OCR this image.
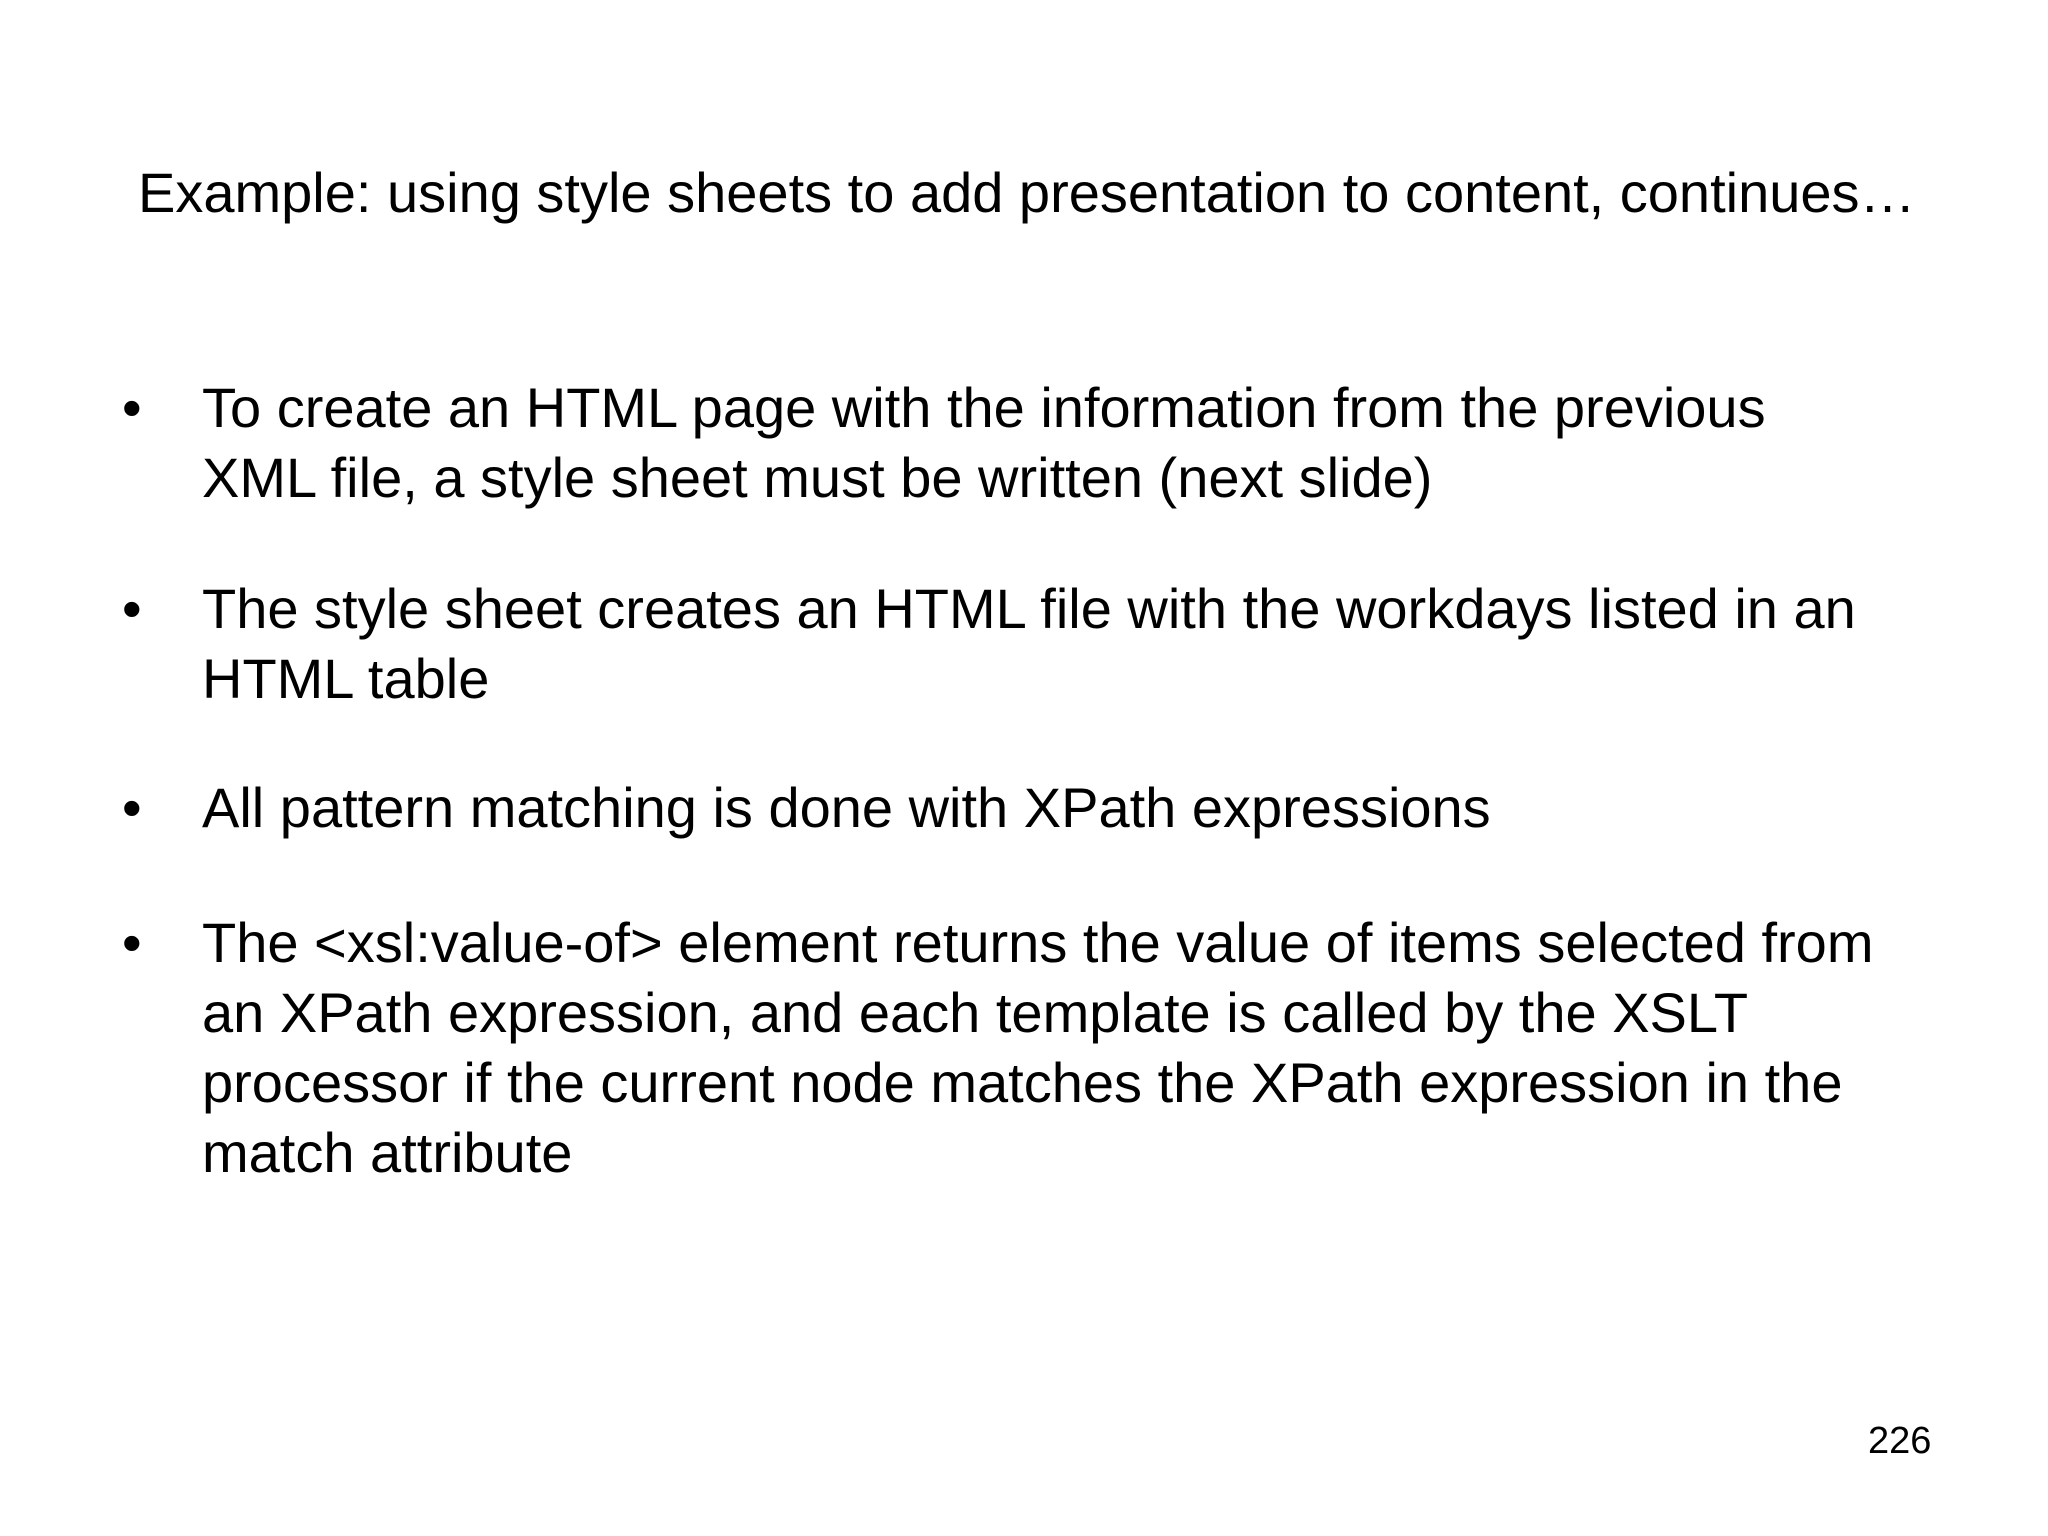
Example: using style sheets to add presentation to content, continues…
• To create an HTML page with the information from the previous
XML file, a style sheet must be written (next slide)

• The style sheet creates an HTML file with the workdays listed in an
HTML table

• All pattern matching is done with XPath expressions

• The <xsl:value-of> element returns the value of items selected from
an XPath expression, and each template is called by the XSLT
processor if the current node matches the XPath expression in the
match attribute

226
